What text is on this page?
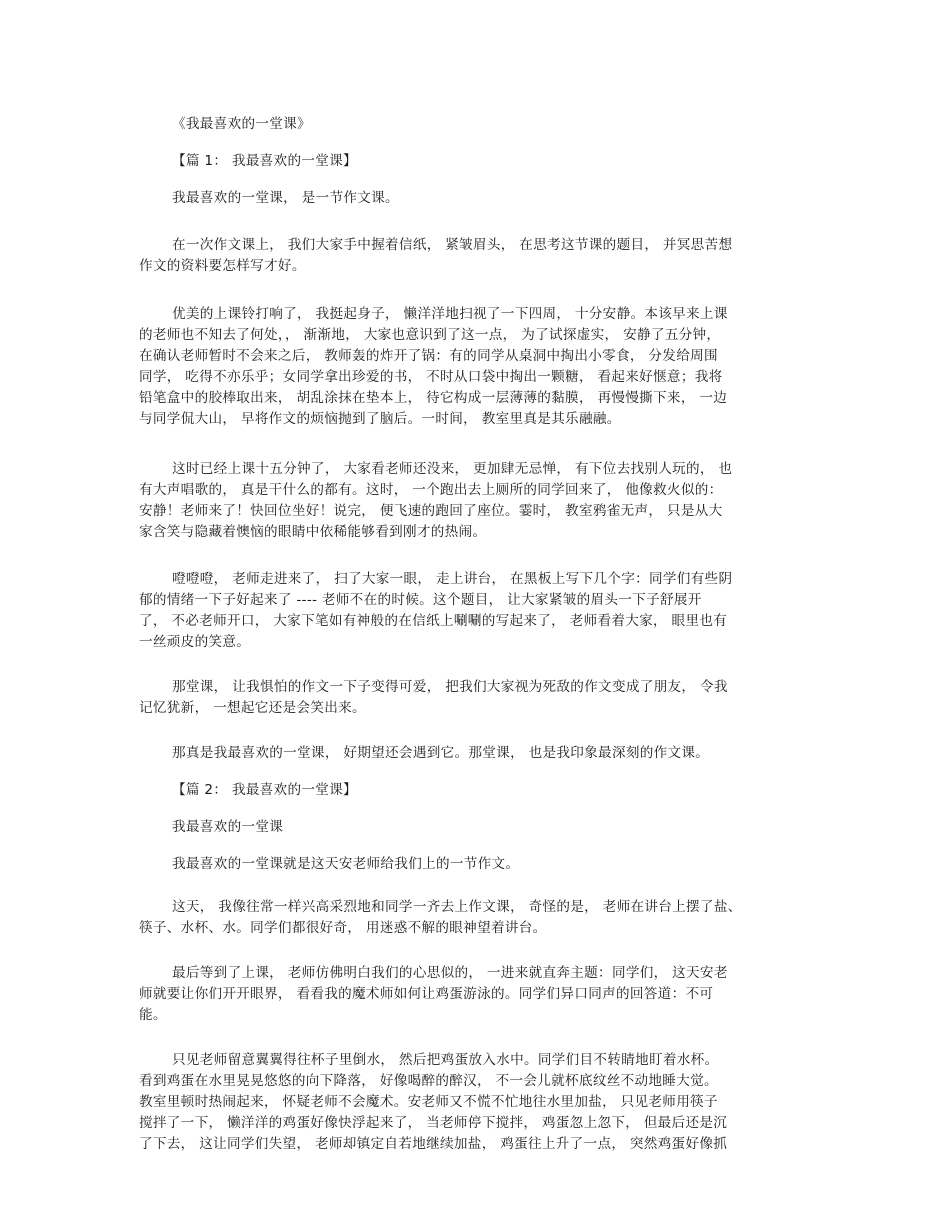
《我最喜欢的一堂课》
【篇 1： 我最喜欢的一堂课】
我最喜欢的一堂课， 是一节作文课。
在一次作文课上， 我们大家手中握着信纸， 紧皱眉头， 在思考这节课的题目， 并冥思苦想
作文的资料要怎样写才好。
优美的上课铃打响了， 我挺起身子， 懒洋洋地扫视了一下四周， 十分安静。本该早来上课
的老师也不知去了何处，， 渐渐地， 大家也意识到了这一点， 为了试探虚实， 安静了五分钟，
在确认老师暂时不会来之后， 教师轰的炸开了锅：有的同学从桌洞中掏出小零食， 分发给周围
同学， 吃得不亦乐乎；女同学拿出珍爱的书， 不时从口袋中掏出一颗糖， 看起来好惬意；我将
铅笔盒中的胶棒取出来， 胡乱涂抹在垫本上， 待它构成一层薄薄的黏膜， 再慢慢撕下来， 一边
与同学侃大山， 早将作文的烦恼抛到了脑后。一时间， 教室里真是其乐融融。
这时已经上课十五分钟了， 大家看老师还没来， 更加肆无忌惮， 有下位去找别人玩的， 也
有大声唱歌的， 真是干什么的都有。这时， 一个跑出去上厕所的同学回来了， 他像救火似的：
安静！老师来了！快回位坐好！说完， 便飞速的跑回了座位。霎时， 教室鸦雀无声， 只是从大
家含笑与隐藏着懊恼的眼睛中依稀能够看到刚才的热闹。
噔噔噔， 老师走进来了， 扫了大家一眼， 走上讲台， 在黑板上写下几个字：同学们有些阴
郁的情绪一下子好起来了 ---- 老师不在的时候。这个题目， 让大家紧皱的眉头一下子舒展开
了， 不必老师开口， 大家下笔如有神般的在信纸上唰唰的写起来了， 老师看着大家， 眼里也有
一丝顽皮的笑意。
那堂课， 让我惧怕的作文一下子变得可爱， 把我们大家视为死敌的作文变成了朋友， 令我
记忆犹新， 一想起它还是会笑出来。
那真是我最喜欢的一堂课， 好期望还会遇到它。那堂课， 也是我印象最深刻的作文课。
【篇 2： 我最喜欢的一堂课】
我最喜欢的一堂课
我最喜欢的一堂课就是这天安老师给我们上的一节作文。
这天， 我像往常一样兴高采烈地和同学一齐去上作文课， 奇怪的是， 老师在讲台上摆了盐、
筷子、水杯、水。同学们都很好奇， 用迷惑不解的眼神望着讲台。
最后等到了上课， 老师仿佛明白我们的心思似的， 一进来就直奔主题：同学们， 这天安老
师就要让你们开开眼界， 看看我的魔术师如何让鸡蛋游泳的。同学们异口同声的回答道：不可
能。
只见老师留意翼翼得往杯子里倒水， 然后把鸡蛋放入水中。同学们目不转睛地盯着水杯。
看到鸡蛋在水里晃晃悠悠的向下降落， 好像喝醉的醉汉， 不一会儿就杯底纹丝不动地睡大觉。
教室里顿时热闹起来， 怀疑老师不会魔术。安老师又不慌不忙地往水里加盐， 只见老师用筷子
搅拌了一下， 懒洋洋的鸡蛋好像快浮起来了， 当老师停下搅拌， 鸡蛋忽上忽下， 但最后还是沉
了下去， 这让同学们失望， 老师却镇定自若地继续加盐， 鸡蛋往上升了一点， 突然鸡蛋好像抓
